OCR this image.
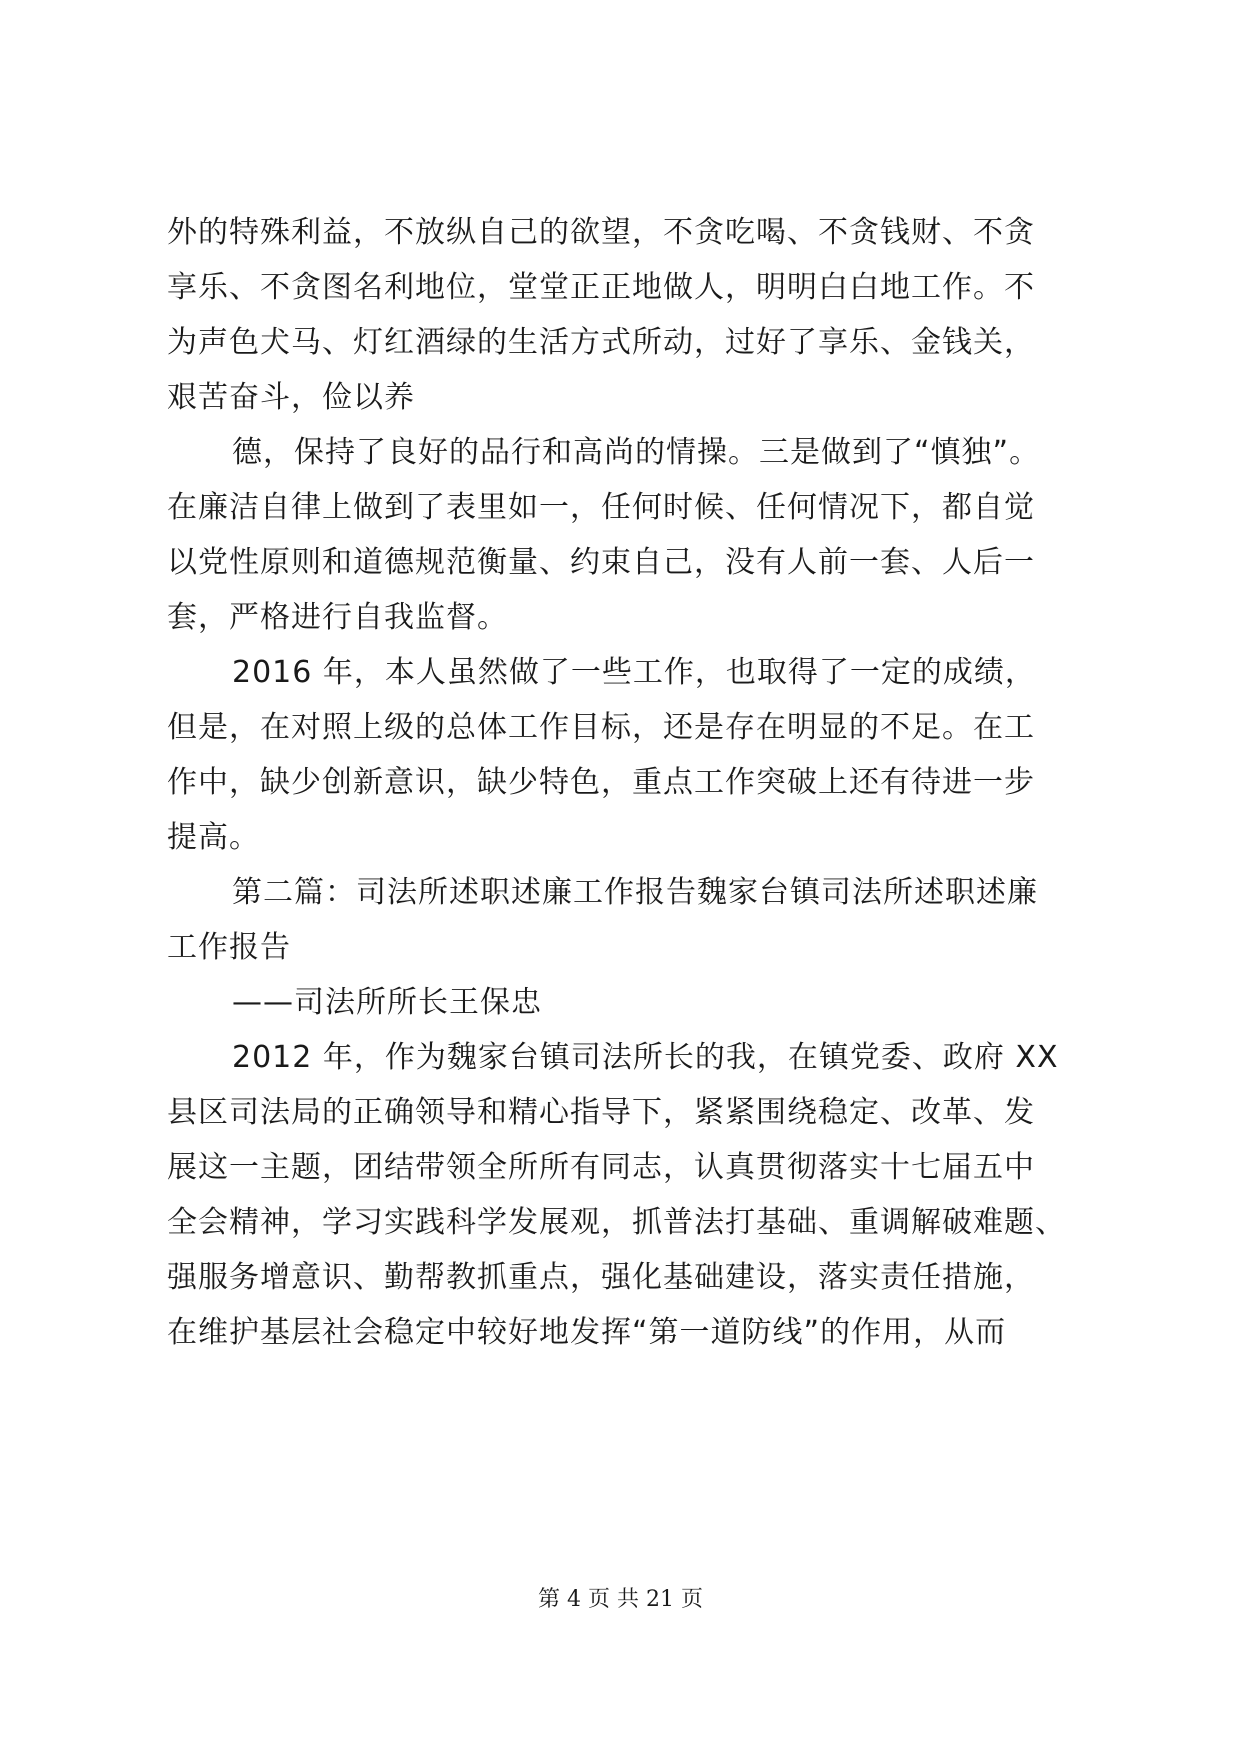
外的特殊利益，不放纵自己的欲望，不贪吃喝、不贪钱财、不贪
享乐、不贪图名利地位，堂堂正正地做人，明明白白地工作。不
为声色犬马、灯红酒绿的生活方式所动，过好了享乐、金钱关，
艰苦奋斗，俭以养
德，保持了良好的品行和高尚的情操。三是做到了“慎独”。
在廉洁自律上做到了表里如一，任何时候、任何情况下，都自觉
以党性原则和道德规范衡量、约束自己，没有人前一套、人后一
套，严格进行自我监督。
2016 年，本人虽然做了一些工作，也取得了一定的成绩，
但是，在对照上级的总体工作目标，还是存在明显的不足。在工
作中，缺少创新意识，缺少特色，重点工作突破上还有待进一步
提高。
第二篇：司法所述职述廉工作报告魏家台镇司法所述职述廉
工作报告
——司法所所长王保忠
2012 年，作为魏家台镇司法所长的我，在镇党委、政府 XX
县区司法局的正确领导和精心指导下，紧紧围绕稳定、改革、发
展这一主题，团结带领全所所有同志，认真贯彻落实十七届五中
全会精神，学习实践科学发展观，抓普法打基础、重调解破难题、
强服务增意识、勤帮教抓重点，强化基础建设，落实责任措施，
在维护基层社会稳定中较好地发挥“第一道防线”的作用，从而
第 4 页 共 21 页
